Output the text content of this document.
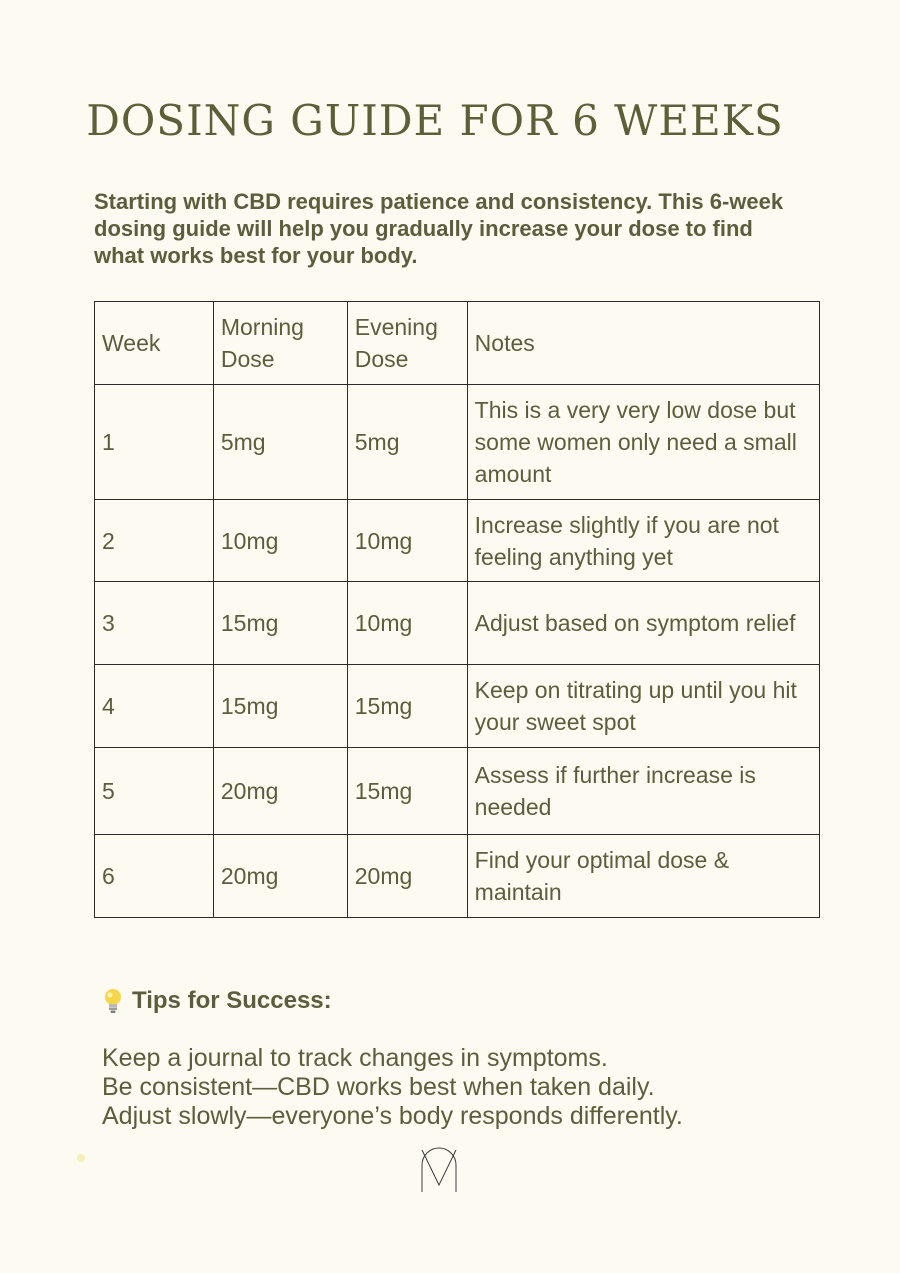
DOSING GUIDE FOR 6 WEEKS

Starting with CBD requires patience and consistency. This 6-week dosing guide will help you gradually increase your dose to find what works best for your body.

Week	Morning Dose	Evening Dose	Notes
1	5mg	5mg	This is a very very low dose but some women only need a small amount
2	10mg	10mg	Increase slightly if you are not feeling anything yet
3	15mg	10mg	Adjust based on symptom relief
4	15mg	15mg	Keep on titrating up until you hit your sweet spot
5	20mg	15mg	Assess if further increase is needed
6	20mg	20mg	Find your optimal dose & maintain
Tips for Success:
Keep a journal to track changes in symptoms.
Be consistent—CBD works best when taken daily.
Adjust slowly—everyone’s body responds differently.
